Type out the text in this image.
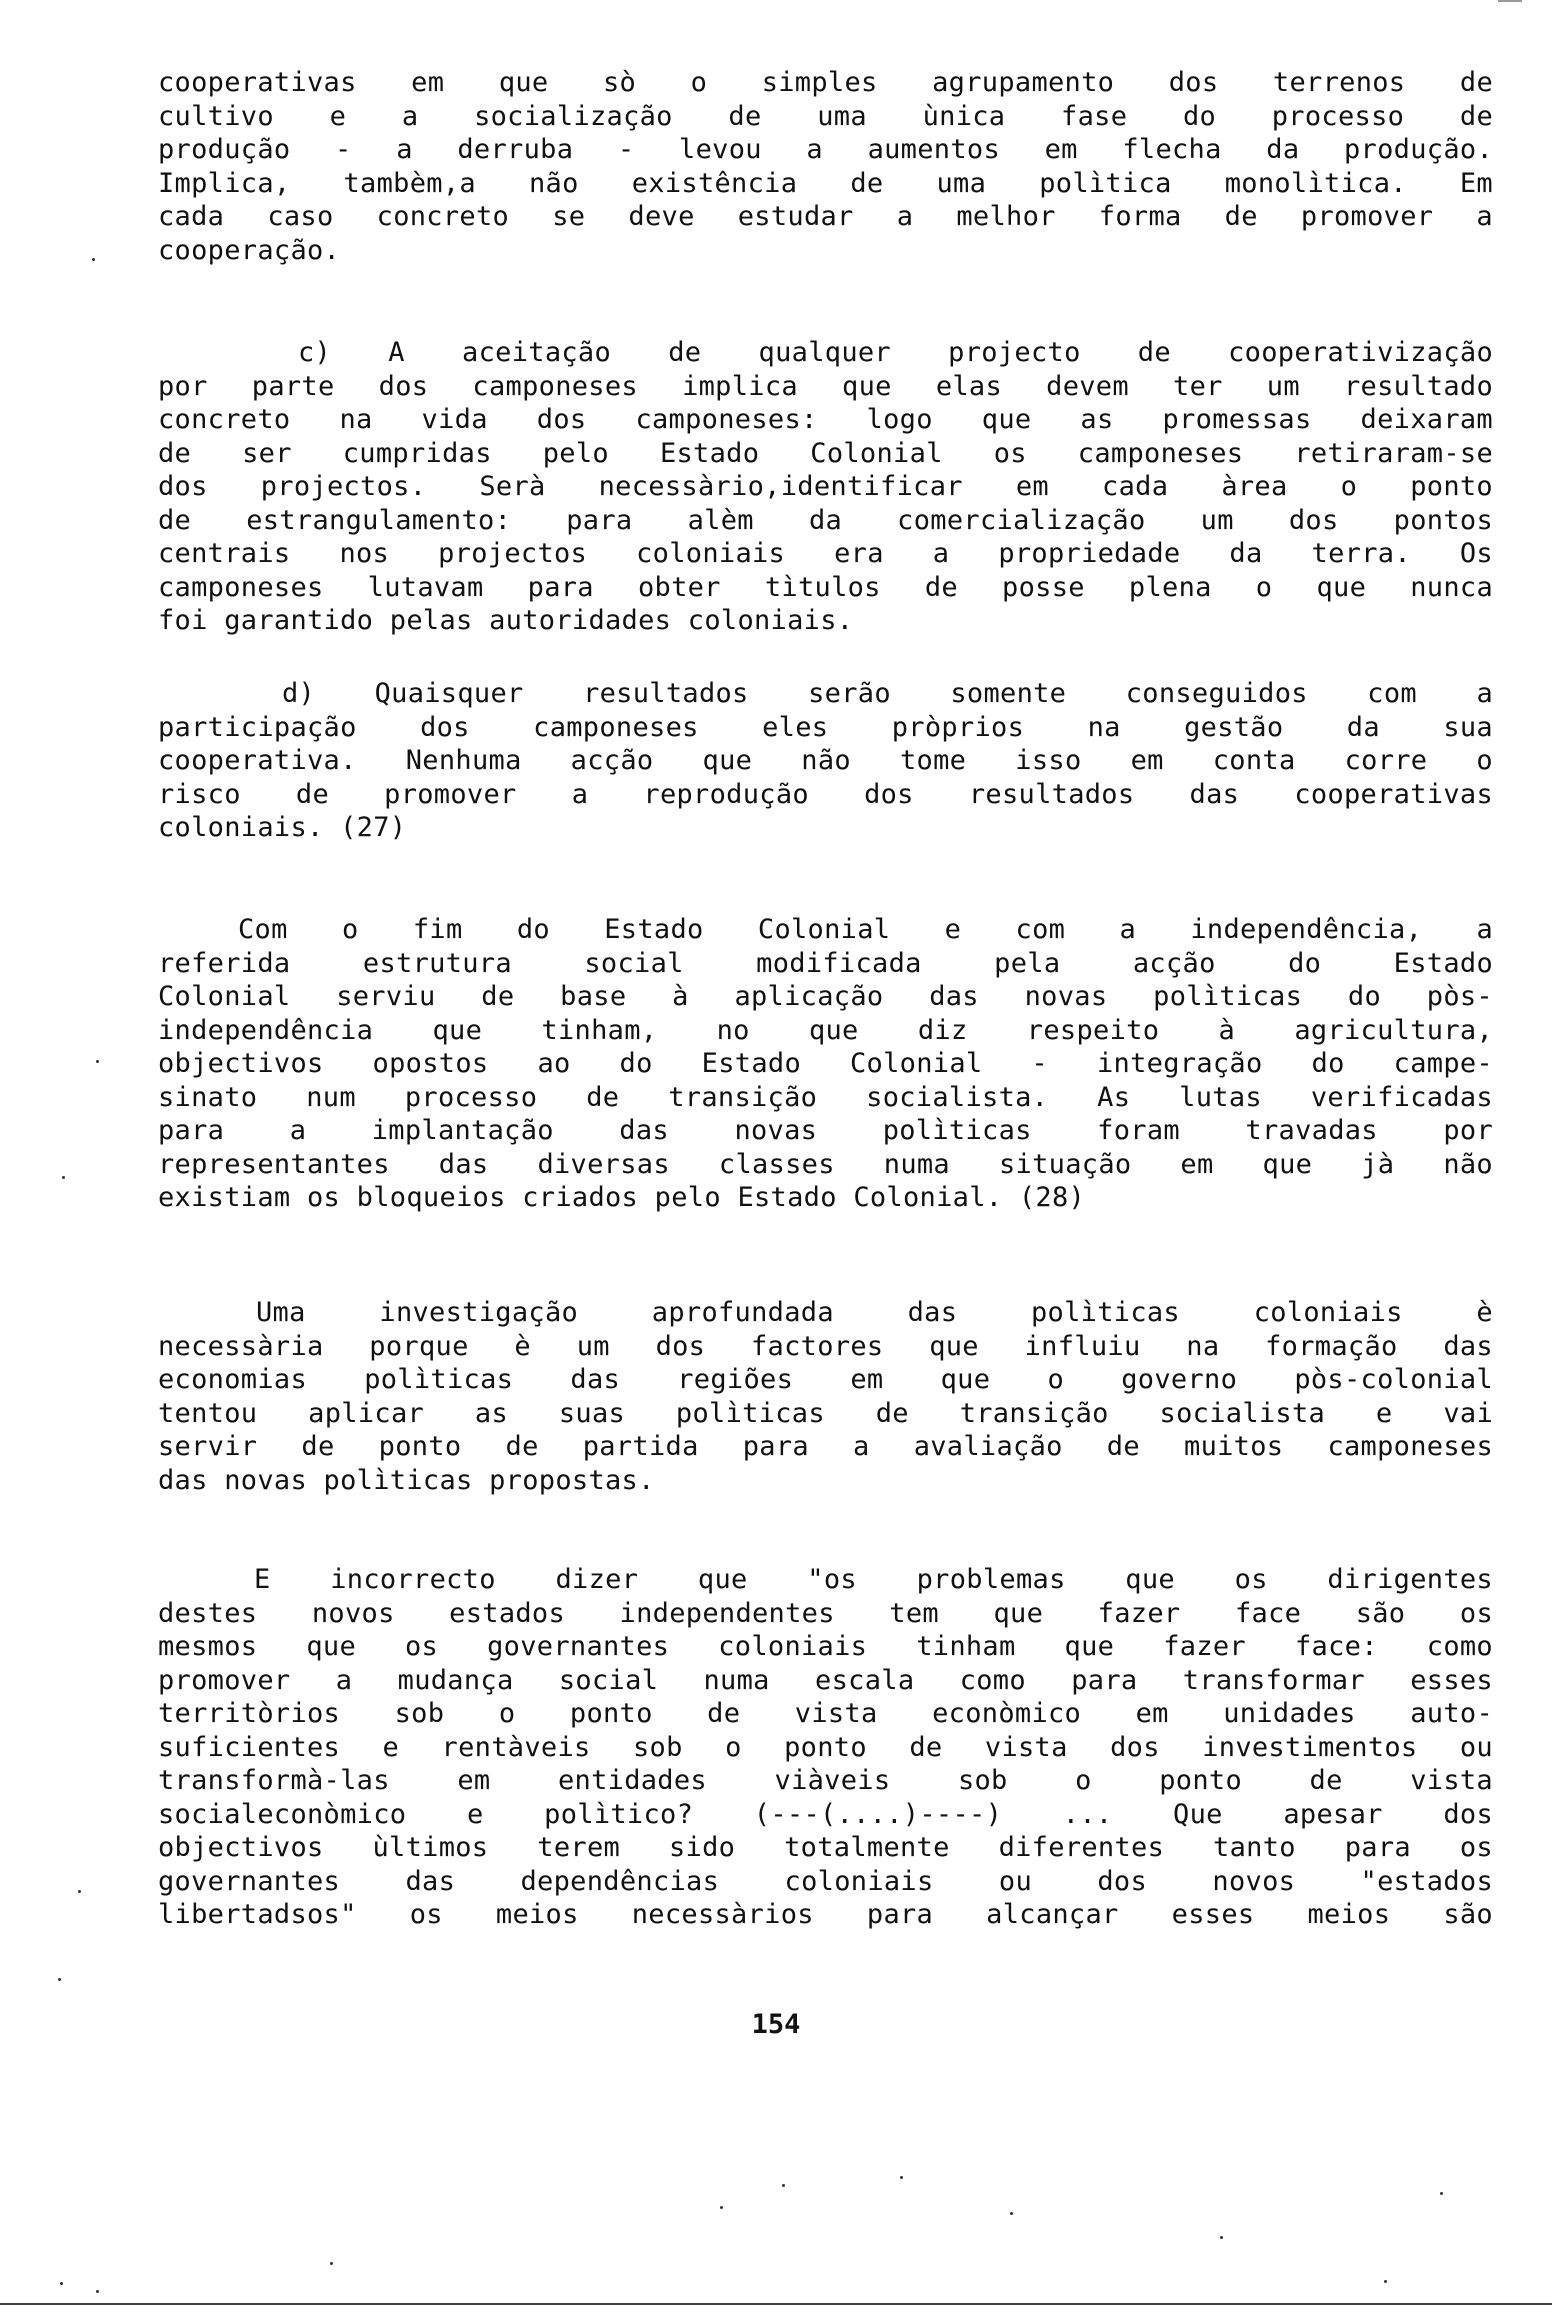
cooperativas em que sò o simples agrupamento dos terrenos de
cultivo e a socialização de uma ùnica fase do processo de
produção - a derruba - levou a aumentos em flecha da produção.
Implica, tambèm,a não existência de uma polìtica monolìtica. Em
cada caso concreto se deve estudar a melhor forma de promover a
cooperação.
c) A aceitação de qualquer projecto de cooperativização
por parte dos camponeses implica que elas devem ter um resultado
concreto na vida dos camponeses: logo que as promessas deixaram
de ser cumpridas pelo Estado Colonial os camponeses retiraram-se
dos projectos. Serà necessàrio,identificar em cada àrea o ponto
de estrangulamento: para alèm da comercialização um dos pontos
centrais nos projectos coloniais era a propriedade da terra. Os
camponeses lutavam para obter tìtulos de posse plena o que nunca
foi garantido pelas autoridades coloniais.
d) Quaisquer resultados serão somente conseguidos com a
participação dos camponeses eles pròprios na gestão da sua
cooperativa. Nenhuma acção que não tome isso em conta corre o
risco de promover a reprodução dos resultados das cooperativas
coloniais. (27)
Com o fim do Estado Colonial e com a independência, a
referida estrutura social modificada pela acção do Estado
Colonial serviu de base à aplicação das novas polìticas do pòs-
independência que tinham, no que diz respeito à agricultura,
objectivos opostos ao do Estado Colonial - integração do campe-
sinato num processo de transição socialista. As lutas verificadas
para a implantação das novas polìticas foram travadas por
representantes das diversas classes numa situação em que jà não
existiam os bloqueios criados pelo Estado Colonial. (28)
Uma investigação aprofundada das polìticas coloniais è
necessària porque è um dos factores que influiu na formação das
economias polìticas das regiões em que o governo pòs-colonial
tentou aplicar as suas polìticas de transição socialista e vai
servir de ponto de partida para a avaliação de muitos camponeses
das novas polìticas propostas.
E incorrecto dizer que "os problemas que os dirigentes
destes novos estados independentes tem que fazer face são os
mesmos que os governantes coloniais tinham que fazer face: como
promover a mudança social numa escala como para transformar esses
territòrios sob o ponto de vista econòmico em unidades auto-
suficientes e rentàveis sob o ponto de vista dos investimentos ou
transformà-las em entidades viàveis sob o ponto de vista
socialeconòmico e polìtico? (---(....)----) ... Que apesar dos
objectivos ùltimos terem sido totalmente diferentes tanto para os
governantes das dependências coloniais ou dos novos "estados
libertadsos" os meios necessàrios para alcançar esses meios são
154
